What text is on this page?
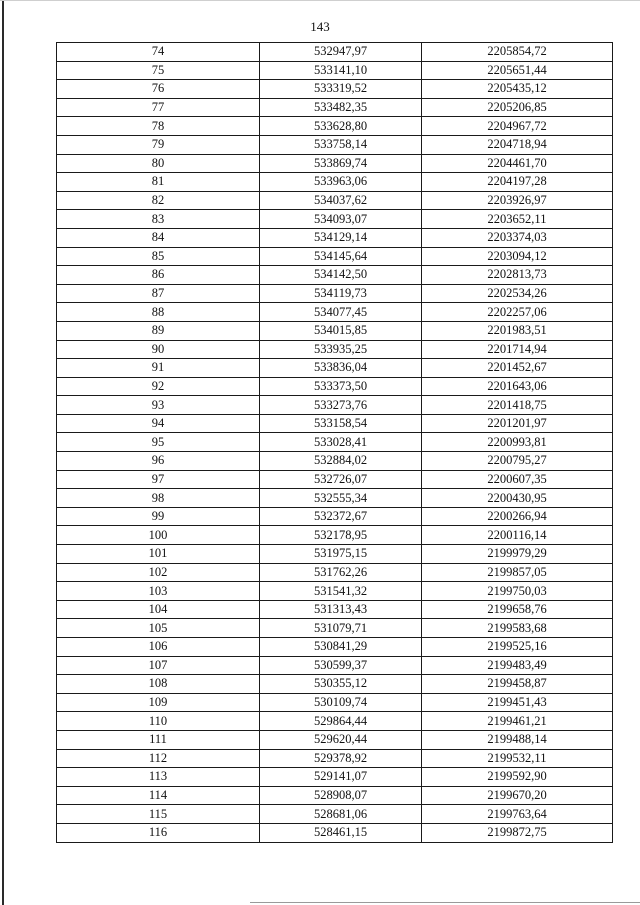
143
74	532947,97	2205854,72
75	533141,10	2205651,44
76	533319,52	2205435,12
77	533482,35	2205206,85
78	533628,80	2204967,72
79	533758,14	2204718,94
80	533869,74	2204461,70
81	533963,06	2204197,28
82	534037,62	2203926,97
83	534093,07	2203652,11
84	534129,14	2203374,03
85	534145,64	2203094,12
86	534142,50	2202813,73
87	534119,73	2202534,26
88	534077,45	2202257,06
89	534015,85	2201983,51
90	533935,25	2201714,94
91	533836,04	2201452,67
92	533373,50	2201643,06
93	533273,76	2201418,75
94	533158,54	2201201,97
95	533028,41	2200993,81
96	532884,02	2200795,27
97	532726,07	2200607,35
98	532555,34	2200430,95
99	532372,67	2200266,94
100	532178,95	2200116,14
101	531975,15	2199979,29
102	531762,26	2199857,05
103	531541,32	2199750,03
104	531313,43	2199658,76
105	531079,71	2199583,68
106	530841,29	2199525,16
107	530599,37	2199483,49
108	530355,12	2199458,87
109	530109,74	2199451,43
110	529864,44	2199461,21
111	529620,44	2199488,14
112	529378,92	2199532,11
113	529141,07	2199592,90
114	528908,07	2199670,20
115	528681,06	2199763,64
116	528461,15	2199872,75
